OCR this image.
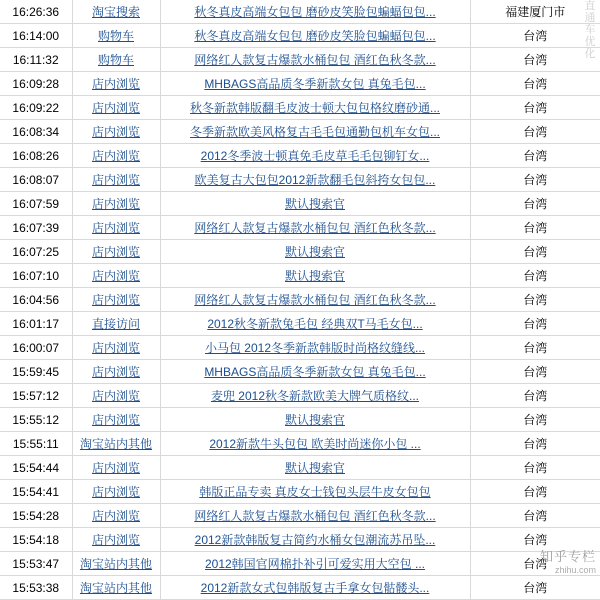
16:26:36	淘宝搜索	秋冬真皮高端女包包 磨砂皮笑脸包蝙蝠包包...	福建厦门市
16:14:00	购物车	秋冬真皮高端女包包 磨砂皮笑脸包蝙蝠包包...	台湾
16:11:32	购物车	网络红人款复古爆款水桶包包 酒红色秋冬款...	台湾
16:09:28	店内浏览	MHBAGS高品质冬季新款女包 真兔毛包...	台湾
16:09:22	店内浏览	秋冬新款韩版翻毛皮波士顿大包包格纹磨砂通...	台湾
16:08:34	店内浏览	冬季新款欧美风格复古毛毛包通勤包机车女包...	台湾
16:08:26	店内浏览	2012冬季波士顿真免毛皮草毛毛包铆钉女...	台湾
16:08:07	店内浏览	欧美复古大包包2012新款翻毛包斜挎女包包...	台湾
16:07:59	店内浏览	默认搜索官	台湾
16:07:39	店内浏览	网络红人款复古爆款水桶包包 酒红色秋冬款...	台湾
16:07:25	店内浏览	默认搜索官	台湾
16:07:10	店内浏览	默认搜索官	台湾
16:04:56	店内浏览	网络红人款复古爆款水桶包包 酒红色秋冬款...	台湾
16:01:17	直接访问	2012秋冬新款兔毛包 经典双T马毛女包...	台湾
16:00:07	店内浏览	小马包 2012冬季新款韩版时尚格纹缝线...	台湾
15:59:45	店内浏览	MHBAGS高品质冬季新款女包 真兔毛包...	台湾
15:57:12	店内浏览	麦兜 2012秋冬新款欧美大牌气质格纹...	台湾
15:55:12	店内浏览	默认搜索官	台湾
15:55:11	淘宝站内其他	2012新款牛头包包 欧美时尚迷你小包 ...	台湾
15:54:44	店内浏览	默认搜索官	台湾
15:54:41	店内浏览	韩版正品专卖 真皮女士钱包头层牛皮女包包	台湾
15:54:28	店内浏览	网络红人款复古爆款水桶包包 酒红色秋冬款...	台湾
15:54:18	店内浏览	2012新款韩版复古简约水桶女包潮流苏吊坠...	台湾
15:53:47	淘宝站内其他	2012韩国官网棉扑补引可爱实用大空包 ...	台湾
15:53:38	淘宝站内其他	2012新款女式包韩版复古手拿女包骷髅头...	台湾
直通车优化
知乎专栏
zhihu.com
